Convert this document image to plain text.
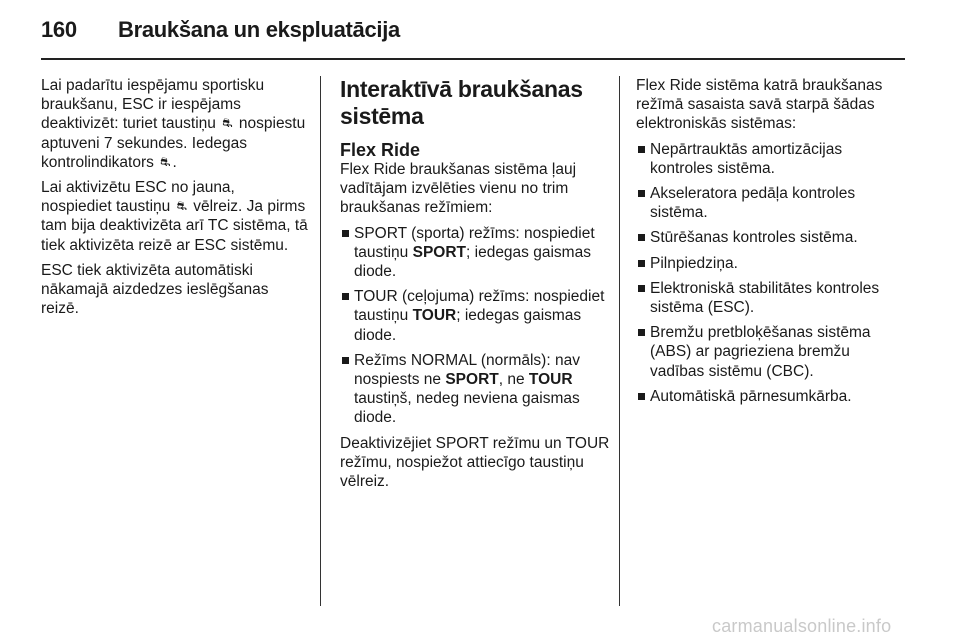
160 Braukšana un ekspluatācija

Lai padarītu iespējamu sportisku braukšanu, ESC ir iespējams deaktivizēt: turiet taustiņu ⛐ nospiestu aptuveni 7 sekundes. Iedegas kontrolindikators ⛐ .

Lai aktivizētu ESC no jauna, nospiediet taustiņu ⛐ vēlreiz. Ja pirms tam bija deaktivizēta arī TC sistēma, tā tiek aktivizēta reizē ar ESC sistēmu.

ESC tiek aktivizēta automātiski nākamajā aizdedzes ieslēgšanas reizē.

Interaktīvā braukšanas sistēma
Flex Ride

Flex Ride braukšanas sistēma ļauj vadītājam izvēlēties vienu no trim braukšanas režīmiem:

SPORT (sporta) režīms: nospiediet taustiņu SPORT; iedegas gaismas diode.
TOUR (ceļojuma) režīms: nospiediet taustiņu TOUR; iedegas gaismas diode.
Režīms NORMAL (normāls): nav nospiests ne SPORT, ne TOUR taustiņš, nedeg neviena gaismas diode.

Deaktivizējiet SPORT režīmu un TOUR režīmu, nospiežot attiecīgo taustiņu vēlreiz.

Flex Ride sistēma katrā braukšanas režīmā sasaista savā starpā šādas elektroniskās sistēmas:

Nepārtrauktās amortizācijas kontroles sistēma.
Akseleratora pedāļa kontroles sistēma.
Stūrēšanas kontroles sistēma.
Pilnpiedziņa.
Elektroniskā stabilitātes kontroles sistēma (ESC).
Bremžu pretbloķēšanas sistēma (ABS) ar pagrieziena bremžu vadības sistēmu (CBC).
Automātiskā pārnesumkārba.
carmanualsonline.info
